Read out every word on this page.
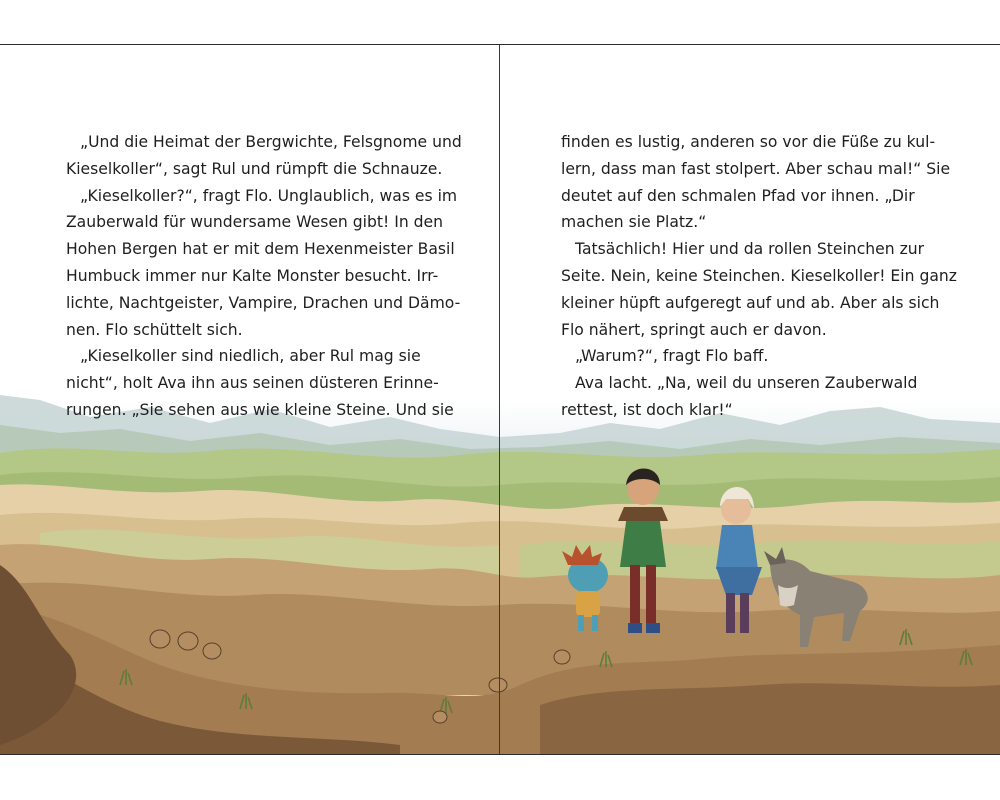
„Und die Heimat der Bergwichte, Felsgnome und
Kieselkoller“, sagt Rul und rümpft die Schnauze.
„Kieselkoller?“, fragt Flo. Unglaublich, was es im
Zauberwald für wundersame Wesen gibt! In den
Hohen Bergen hat er mit dem Hexenmeister Basil
Humbuck immer nur Kalte Monster besucht. Irr-
lichte, Nachtgeister, Vampire, Drachen und Dämo-
nen. Flo schüttelt sich.
„Kieselkoller sind niedlich, aber Rul mag sie
nicht“, holt Ava ihn aus seinen düsteren Erinne-
rungen. „Sie sehen aus wie kleine Steine. Und sie
finden es lustig, anderen so vor die Füße zu kul-
lern, dass man fast stolpert. Aber schau mal!“ Sie
deutet auf den schmalen Pfad vor ihnen. „Dir
machen sie Platz.“
Tatsächlich! Hier und da rollen Steinchen zur
Seite. Nein, keine Steinchen. Kieselkoller! Ein ganz
kleiner hüpft aufgeregt auf und ab. Aber als sich
Flo nähert, springt auch er davon.
„Warum?“, fragt Flo baff.
Ava lacht. „Na, weil du unseren Zauberwald
rettest, ist doch klar!“
